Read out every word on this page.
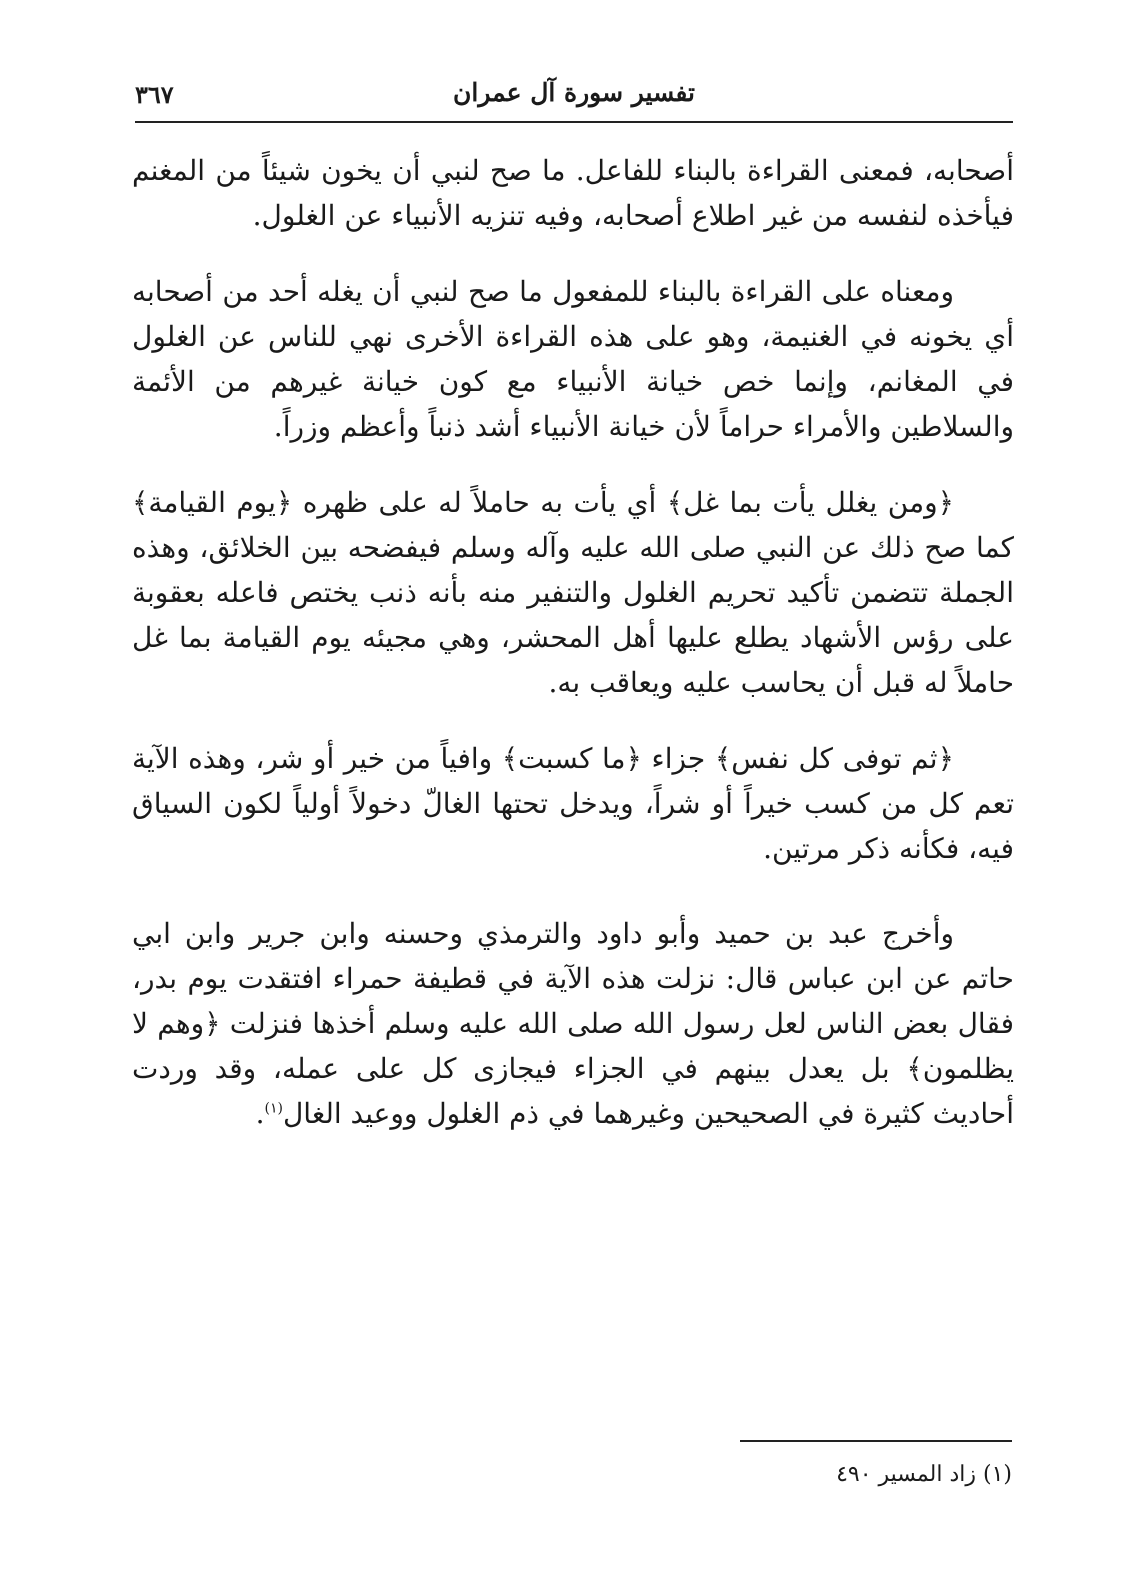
تفسير سورة آل عمران
٣٦٧

أصحابه، فمعنى القراءة بالبناء للفاعل. ما صح لنبي أن يخون شيئاً من المغنم فيأخذه لنفسه من غير اطلاع أصحابه، وفيه تنزيه الأنبياء عن الغلول.

ومعناه على القراءة بالبناء للمفعول ما صح لنبي أن يغله أحد من أصحابه أي يخونه في الغنيمة، وهو على هذه القراءة الأخرى نهي للناس عن الغلول في المغانم، وإنما خص خيانة الأنبياء مع كون خيانة غيرهم من الأئمة والسلاطين والأمراء حراماً لأن خيانة الأنبياء أشد ذنباً وأعظم وزراً.

﴿ومن يغلل يأت بما غل﴾ أي يأت به حاملاً له على ظهره ﴿يوم القيامة﴾ كما صح ذلك عن النبي صلى الله عليه وآله وسلم فيفضحه بين الخلائق، وهذه الجملة تتضمن تأكيد تحريم الغلول والتنفير منه بأنه ذنب يختص فاعله بعقوبة على رؤس الأشهاد يطلع عليها أهل المحشر، وهي مجيئه يوم القيامة بما غل حاملاً له قبل أن يحاسب عليه ويعاقب به.

﴿ثم توفى كل نفس﴾ جزاء ﴿ما كسبت﴾ وافياً من خير أو شر، وهذه الآية تعم كل من كسب خيراً أو شراً، ويدخل تحتها الغالّ دخولاً أولياً لكون السياق فيه، فكأنه ذكر مرتين.

وأخرج عبد بن حميد وأبو داود والترمذي وحسنه وابن جرير وابن ابي حاتم عن ابن عباس قال: نزلت هذه الآية في قطيفة حمراء افتقدت يوم بدر، فقال بعض الناس لعل رسول الله صلى الله عليه وسلم أخذها فنزلت ﴿وهم لا يظلمون﴾ بل يعدل بينهم في الجزاء فيجازى كل على عمله، وقد وردت أحاديث كثيرة في الصحيحين وغيرهما في ذم الغلول ووعيد الغال$^{(١)}$.

(١) زاد المسير ٤٩٠
